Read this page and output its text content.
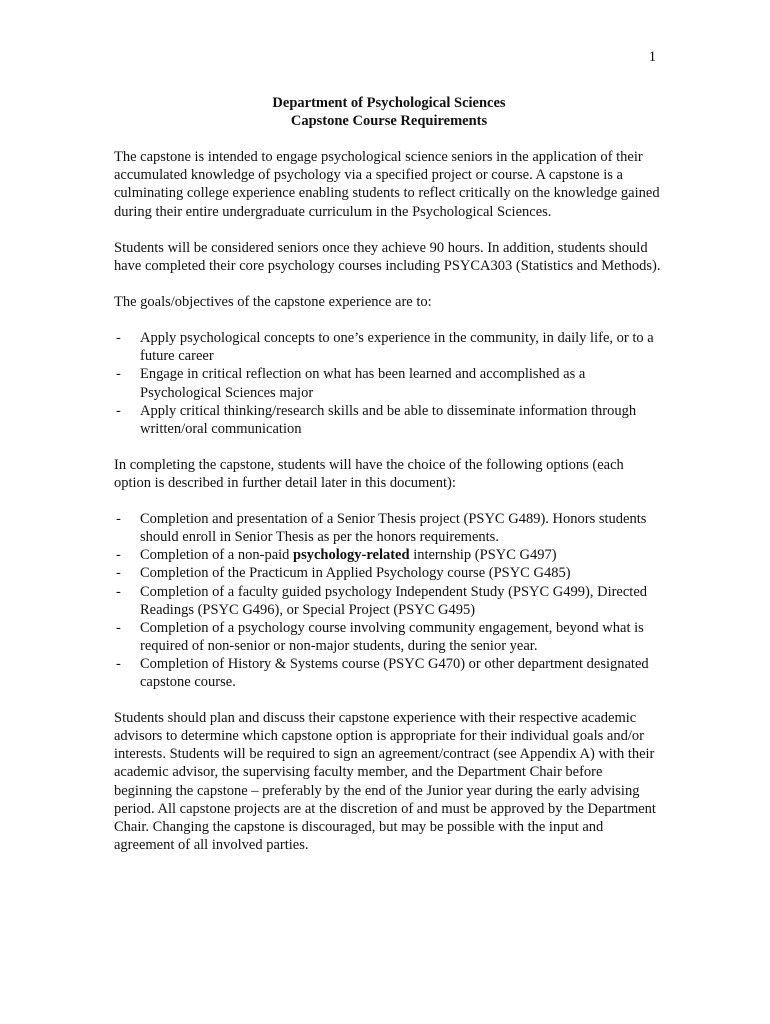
1
Department of Psychological Sciences
Capstone Course Requirements

The capstone is intended to engage psychological science seniors in the application of their accumulated knowledge of psychology via a specified project or course. A capstone is a culminating college experience enabling students to reflect critically on the knowledge gained during their entire undergraduate curriculum in the Psychological Sciences.

Students will be considered seniors once they achieve 90 hours. In addition, students should have completed their core psychology courses including PSYCA303 (Statistics and Methods).

The goals/objectives of the capstone experience are to:

- Apply psychological concepts to one’s experience in the community, in daily life, or to a future career
- Engage in critical reflection on what has been learned and accomplished as a Psychological Sciences major
- Apply critical thinking/research skills and be able to disseminate information through written/oral communication

In completing the capstone, students will have the choice of the following options (each option is described in further detail later in this document):

- Completion and presentation of a Senior Thesis project (PSYC G489). Honors students should enroll in Senior Thesis as per the honors requirements.
- Completion of a non-paid psychology-related internship (PSYC G497)
- Completion of the Practicum in Applied Psychology course (PSYC G485)
- Completion of a faculty guided psychology Independent Study (PSYC G499), Directed Readings (PSYC G496), or Special Project (PSYC G495)
- Completion of a psychology course involving community engagement, beyond what is required of non-senior or non-major students, during the senior year.
- Completion of History & Systems course (PSYC G470) or other department designated capstone course.

Students should plan and discuss their capstone experience with their respective academic advisors to determine which capstone option is appropriate for their individual goals and/or interests. Students will be required to sign an agreement/contract (see Appendix A) with their academic advisor, the supervising faculty member, and the Department Chair before beginning the capstone – preferably by the end of the Junior year during the early advising period. All capstone projects are at the discretion of and must be approved by the Department Chair. Changing the capstone is discouraged, but may be possible with the input and agreement of all involved parties.
